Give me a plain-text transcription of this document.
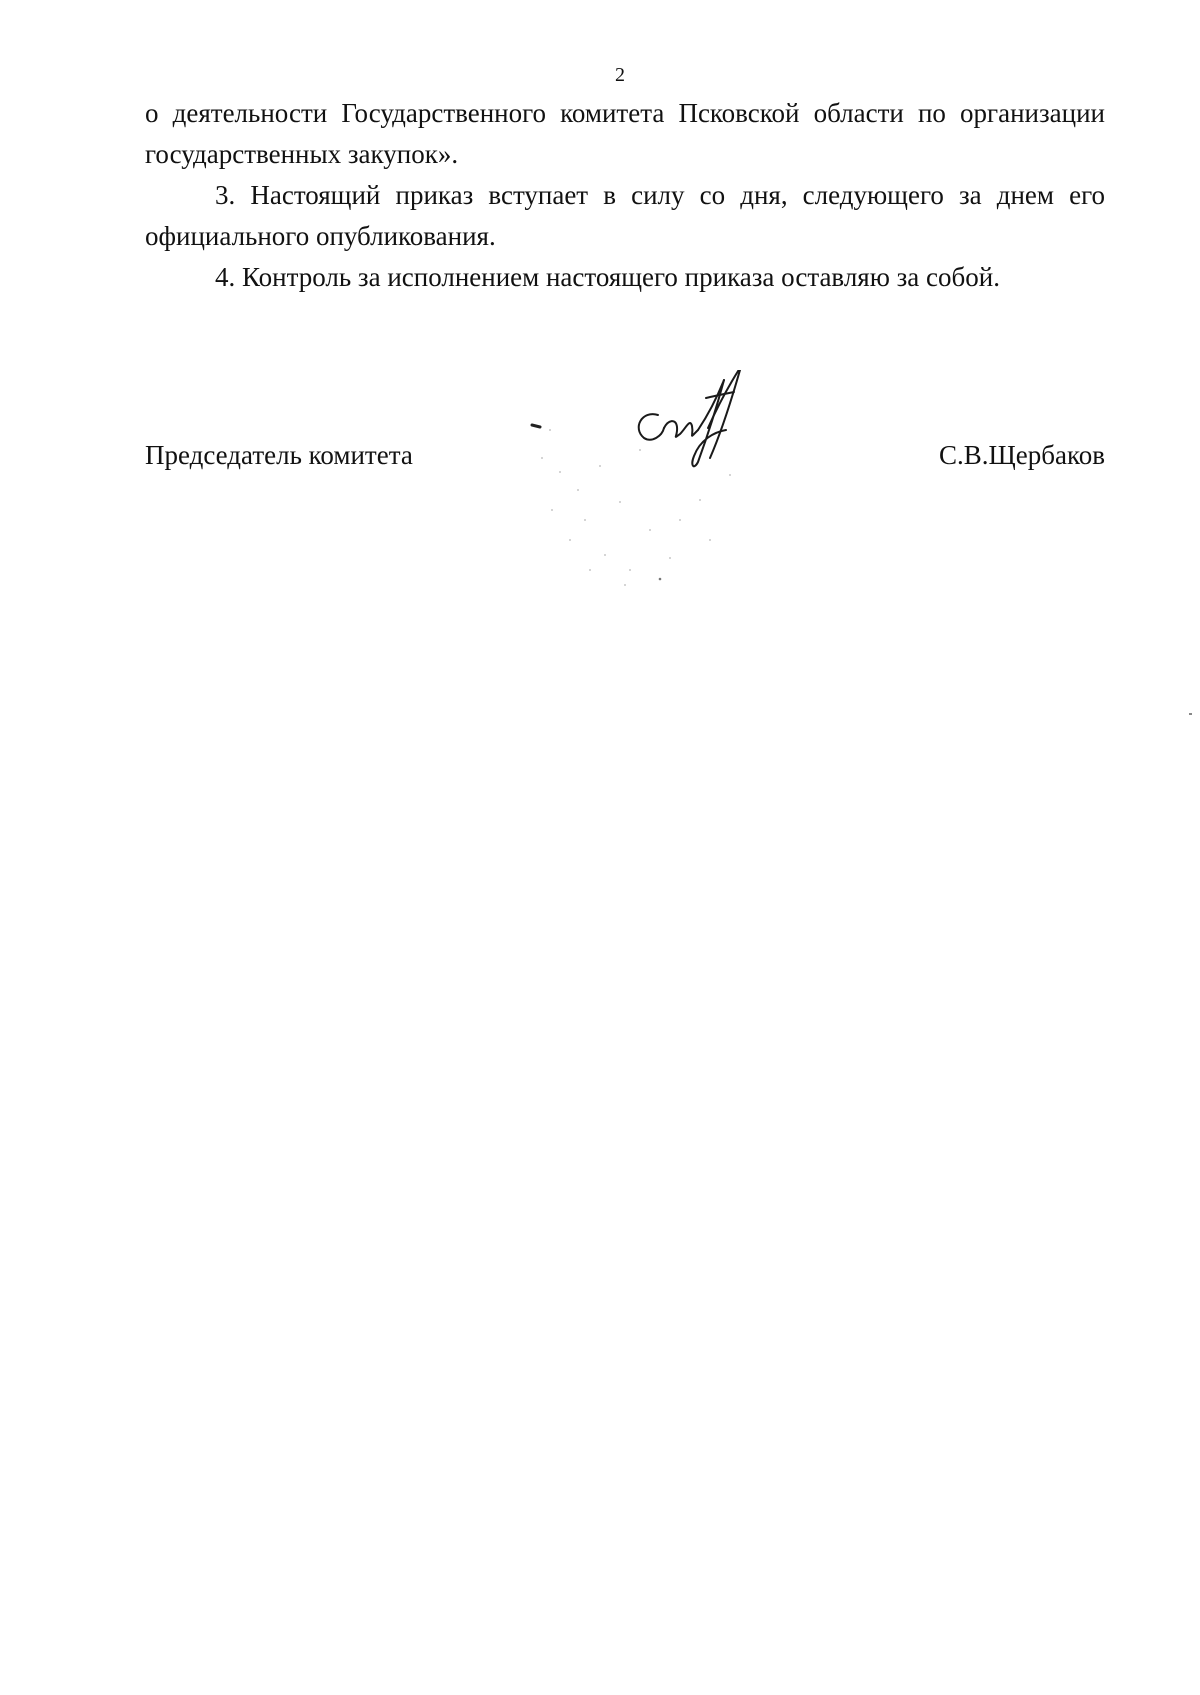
2

о деятельности Государственного комитета Псковской области по организации государственных закупок».

3. Настоящий приказ вступает в силу со дня, следующего за днем его официального опубликования.

4. Контроль за исполнением настоящего приказа оставляю за собой.

Председатель комитета	С.В.Щербаков
